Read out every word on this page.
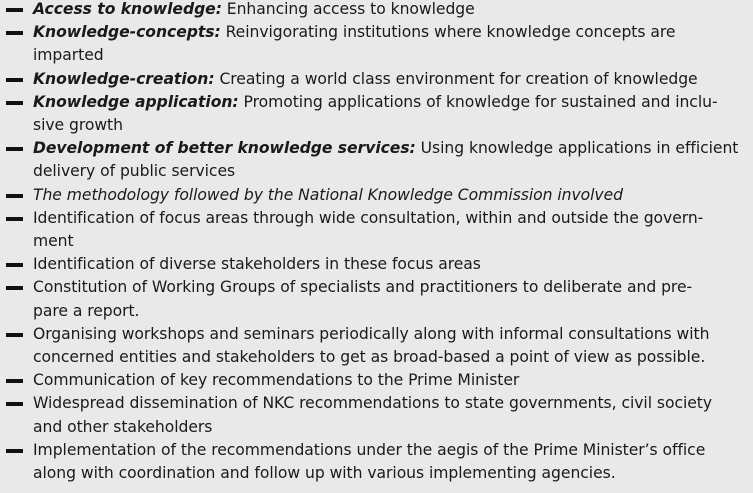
Access to knowledge: Enhancing access to knowledge
Knowledge-concepts: Reinvigorating institutions where knowledge concepts are imparted
Knowledge-creation: Creating a world class environment for creation of knowledge
Knowledge application: Promoting applications of knowledge for sustained and inclu-
sive growth
Development of better knowledge services: Using knowledge applications in efficient
delivery of public services
The methodology followed by the National Knowledge Commission involved
Identification of focus areas through wide consultation, within and outside the govern-
ment
Identification of diverse stakeholders in these focus areas
Constitution of Working Groups of specialists and practitioners to deliberate and pre-
pare a report.
Organising workshops and seminars periodically along with informal consultations with
concerned entities and stakeholders to get as broad-based a point of view as possible.
Communication of key recommendations to the Prime Minister
Widespread dissemination of NKC recommendations to state governments, civil society
and other stakeholders
Implementation of the recommendations under the aegis of the Prime Minister’s office
along with coordination and follow up with various implementing agencies.
